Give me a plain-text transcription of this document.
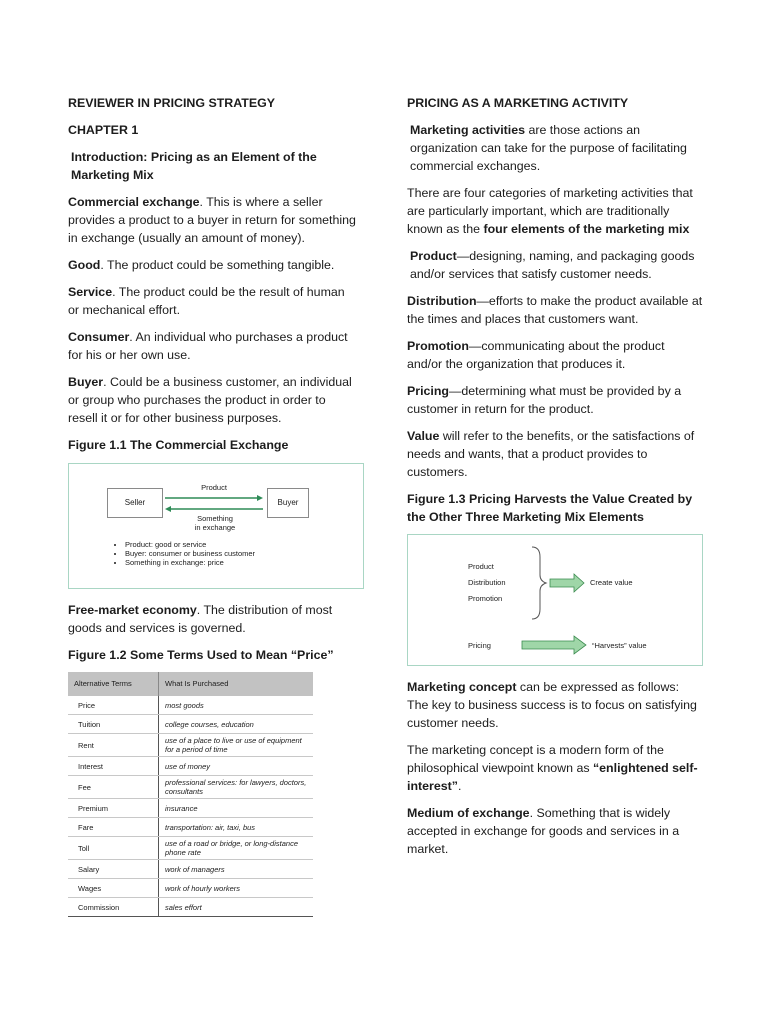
REVIEWER IN PRICING STRATEGY

CHAPTER 1

Introduction: Pricing as an Element of the Marketing Mix

Commercial exchange. This is where a seller provides a product to a buyer in return for something in exchange (usually an amount of money).

Good. The product could be something tangible.

Service. The product could be the result of human or mechanical effort.

Consumer. An individual who purchases a product for his or her own use.

Buyer. Could be a business customer, an individual or group who purchases the product in order to resell it or for other business purposes.

Figure 1.1 The Commercial Exchange

Seller	Buyer
Product
Something
in exchange
• Product: good or service
• Buyer: consumer or business customer
• Something in exchange: price

Free-market economy. The distribution of most goods and services is governed.

Figure 1.2 Some Terms Used to Mean “Price”

Alternative Terms	What Is Purchased
Price	most goods
Tuition	college courses, education
Rent	use of a place to live or use of equipment for a period of time
Interest	use of money
Fee	professional services: for lawyers, doctors, consultants
Premium	insurance
Fare	transportation: air, taxi, bus
Toll	use of a road or bridge, or long-distance phone rate
Salary	work of managers
Wages	work of hourly workers
Commission	sales effort

PRICING AS A MARKETING ACTIVITY

Marketing activities are those actions an organization can take for the purpose of facilitating commercial exchanges.

There are four categories of marketing activities that are particularly important, which are traditionally known as the four elements of the marketing mix

Product—designing, naming, and packaging goods and/or services that satisfy customer needs.

Distribution—efforts to make the product available at the times and places that customers want.

Promotion—communicating about the product and/or the organization that produces it.

Pricing—determining what must be provided by a customer in return for the product.

Value will refer to the benefits, or the satisfactions of needs and wants, that a product provides to customers.

Figure 1.3 Pricing Harvests the Value Created by the Other Three Marketing Mix Elements

Product
Distribution
Promotion
Create value
Pricing	“Harvests” value

Marketing concept can be expressed as follows: The key to business success is to focus on satisfying customer needs.

The marketing concept is a modern form of the philosophical viewpoint known as “enlightened self-interest”.

Medium of exchange. Something that is widely accepted in exchange for goods and services in a market.
